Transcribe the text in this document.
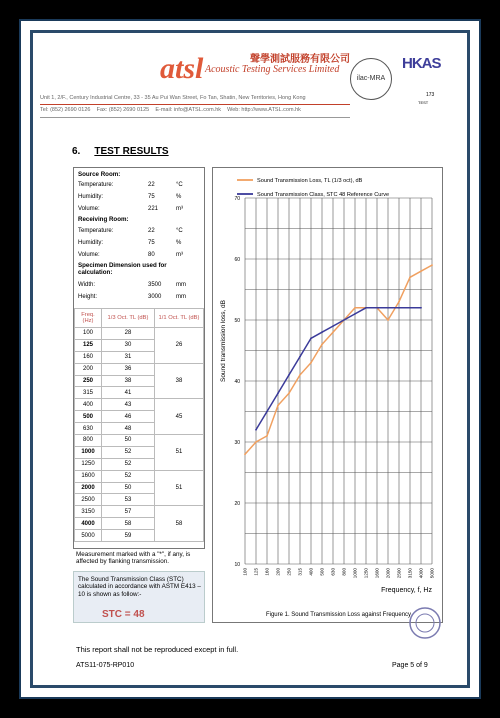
atsl	聲學測試服務有限公司
Acoustic Testing Services Limited
ilac-MRA
HKAS
173
TEST
Unit 1, 2/F., Century Industrial Centre, 33 - 35 Au Pui Wan Street, Fo Tan, Shatin, New Territories, Hong Kong
Tel: (852) 2690 0126 Fax: (852) 2690 0125 E-mail: info@ATSL.com.hk Web: http://www.ATSL.com.hk
6. TEST RESULTS
Source Room:
Temperature:	22	°C
Humidity:	75	%
Volume:	221	m³
Receiving Room:
Temperature:	22	°C
Humidity:	75	%
Volume:	80	m³
Specimen Dimension used for calculation:
Width:	3500 mm
Height:	3000 mm
Freq. (Hz)	1/3 Oct. TL (dB)	1/1 Oct. TL (dB)
100	28	26
125	30	
160	31	
200	36	38
250	38	
315	41	
400	43	45
500	46	
630	48	
800	50	51
1000	52	
1250	52	
1600	52	51
2000	50	
2500	53	
3150	57	58
4000	58	
5000	59	
Measurement marked with a "*", if any, is affected by flanking transmission.
The Sound Transmission Class (STC) calculated in accordance with ASTM E413 – 10 is shown as follow:-
STC = 48
10
20
30
40
50
60
70
100 125 160 200 250 315 400 500 630 800 1000 1250 1600 2000 2500 3150 4000 5000
Sound transmission loss, dB
Frequency, f, Hz
Figure 1. Sound Transmission Loss against Frequency
Sound Transmission Loss, TL (1/3 oct), dB
Sound Transmission Class, STC 48 Reference Curve
This report shall not be reproduced except in full.
ATS11-075-RP010	Page 5 of 9
